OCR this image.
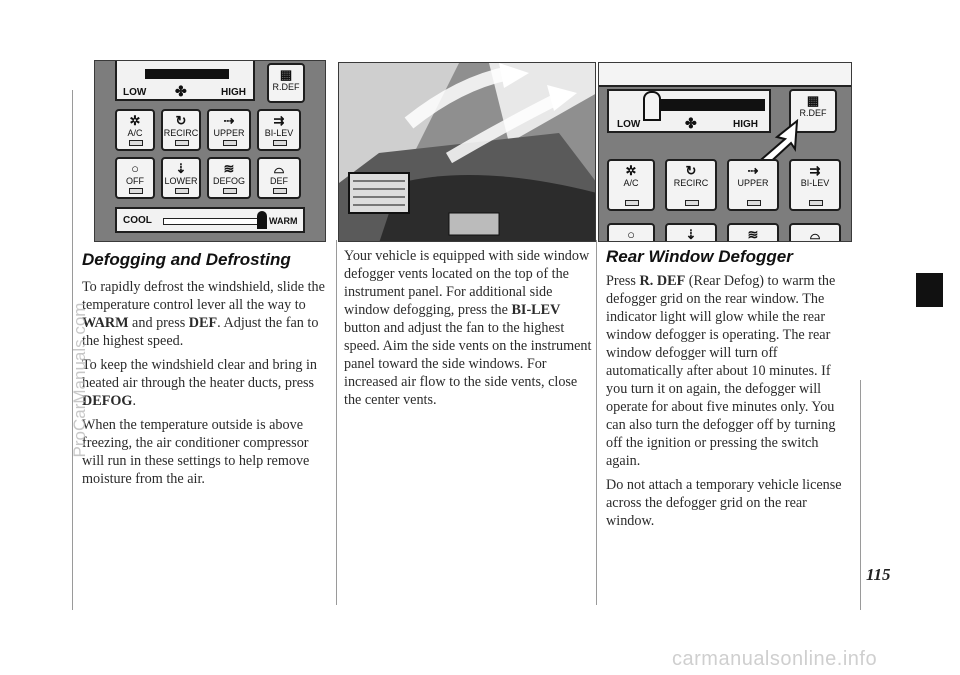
LOW ✤	HIGH
▦
R.DEF
✲
A/C
↻
RECIRC
⇢
UPPER
⇉
BI-LEV
○
OFF
⇣
LOWER
≋
DEFOG
⌓
DEF
COOL	WARM
LOW	✤	HIGH
▦
R.DEF
✲
A/C
↻
RECIRC
⇢
UPPER
⇉
BI-LEV
○	⇣	≋	⌓
Defogging and Defrosting

To rapidly defrost the windshield, slide the temperature control lever all the way to WARM and press DEF. Adjust the fan to the highest speed.

To keep the windshield clear and bring in heated air through the heater ducts, press DEFOG.

When the temperature outside is above freezing, the air conditioner compressor will run in these settings to help remove moisture from the air.

Your vehicle is equipped with side window defogger vents located on the top of the instrument panel. For additional side window defogging, press the BI-LEV button and adjust the fan to the highest speed. Aim the side vents on the instrument panel toward the side windows. For increased air flow to the side vents, close the center vents.

Rear Window Defogger

Press R. DEF (Rear Defog) to warm the defogger grid on the rear window. The indicator light will glow while the rear window defogger is operating. The rear window defogger will turn off automatically after about 10 minutes. If you turn it on again, the defogger will operate for about five minutes only. You can also turn the defogger off by turning off the ignition or pressing the switch again.

Do not attach a temporary vehicle license across the defogger grid on the rear window.

115
carmanualsonline.info
ProCarManuals.com
